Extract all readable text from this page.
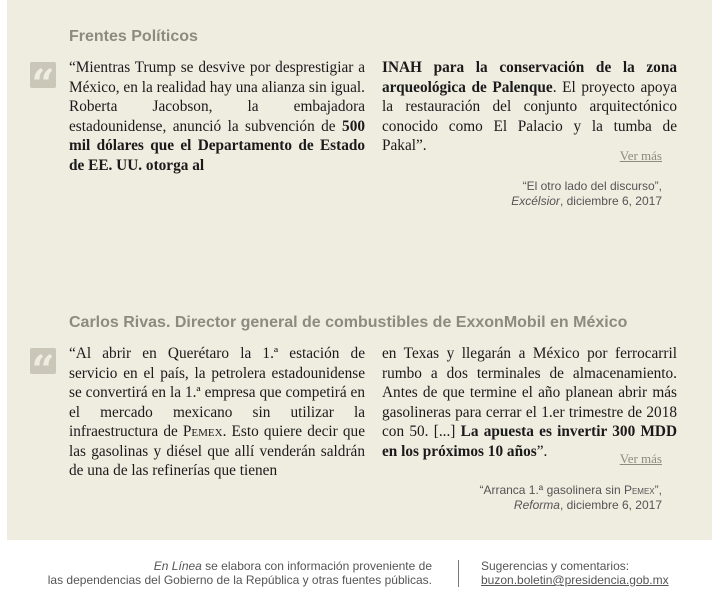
Frentes Políticos
“ “Mientras Trump se desvive por desprestigiar a México, en la realidad hay una alianza sin igual. Roberta Jacobson, la embajadora estadounidense, anunció la subvención de 500 mil dólares que el Departamento de Estado de EE. UU. otorga al
INAH para la conservación de la zona arqueológica de Palenque. El proyecto apoya la restauración del conjunto arquitectónico conocido como El Palacio y la tumba de Pakal”.
Ver más
“El otro lado del discurso”,
Excélsior, diciembre 6, 2017
Carlos Rivas. Director general de combustibles de ExxonMobil en México
“ “Al abrir en Querétaro la 1.ª estación de servicio en el país, la petrolera estadounidense se convertirá en la 1.ª empresa que competirá en el mercado mexicano sin utilizar la infraestructura de Pemex. Esto quiere decir que las gasolinas y diésel que allí venderán saldrán de una de las refinerías que tienen
en Texas y llegarán a México por ferrocarril rumbo a dos terminales de almacenamiento. Antes de que termine el año planean abrir más gasolineras para cerrar el 1.er trimestre de 2018 con 50. [...] La apuesta es invertir 300 MDD en los próximos 10 años”.	Ver más
“Arranca 1.ª gasolinera sin Pemex”,
Reforma, diciembre 6, 2017
En Línea se elabora con información proveniente de
las dependencias del Gobierno de la República y otras fuentes públicas.
Sugerencias y comentarios:
buzon.boletin@presidencia.gob.mx
